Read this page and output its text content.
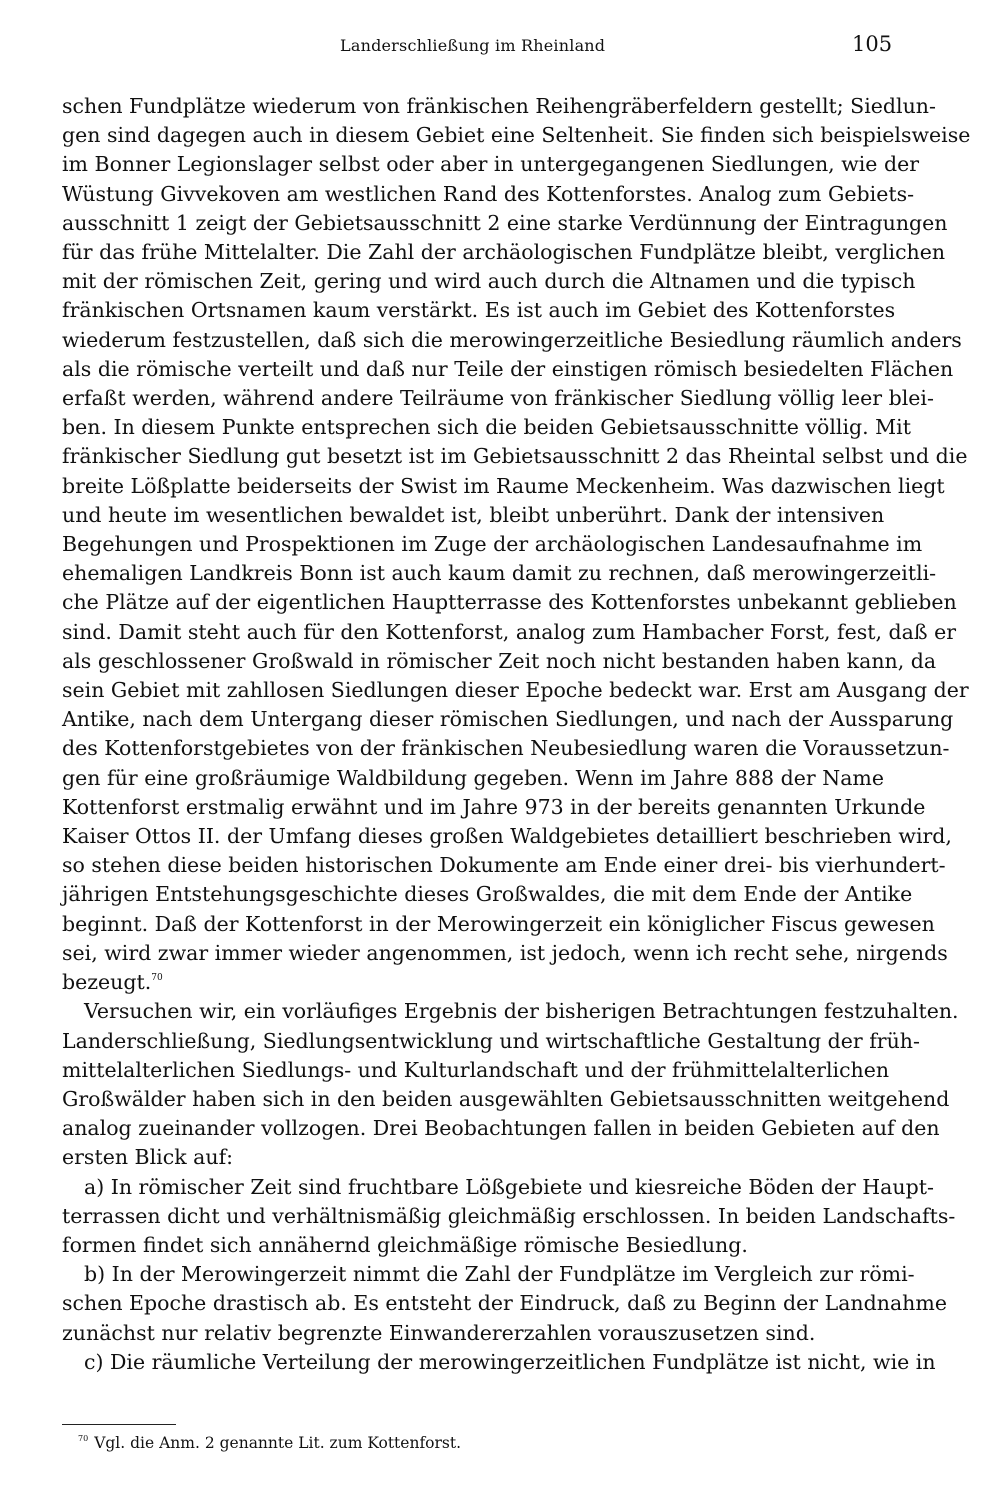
Landerschließung im Rheinland	105
schen Fundplätze wiederum von fränkischen Reihengräberfeldern gestellt; Siedlun-
gen sind dagegen auch in diesem Gebiet eine Seltenheit. Sie finden sich beispielsweise
im Bonner Legionslager selbst oder aber in untergegangenen Siedlungen, wie der
Wüstung Givvekoven am westlichen Rand des Kottenforstes. Analog zum Gebiets-
ausschnitt 1 zeigt der Gebietsausschnitt 2 eine starke Verdünnung der Eintragungen
für das frühe Mittelalter. Die Zahl der archäologischen Fundplätze bleibt, verglichen
mit der römischen Zeit, gering und wird auch durch die Altnamen und die typisch
fränkischen Ortsnamen kaum verstärkt. Es ist auch im Gebiet des Kottenforstes
wiederum festzustellen, daß sich die merowingerzeitliche Besiedlung räumlich anders
als die römische verteilt und daß nur Teile der einstigen römisch besiedelten Flächen
erfaßt werden, während andere Teilräume von fränkischer Siedlung völlig leer blei-
ben. In diesem Punkte entsprechen sich die beiden Gebietsausschnitte völlig. Mit
fränkischer Siedlung gut besetzt ist im Gebietsausschnitt 2 das Rheintal selbst und die
breite Lößplatte beiderseits der Swist im Raume Meckenheim. Was dazwischen liegt
und heute im wesentlichen bewaldet ist, bleibt unberührt. Dank der intensiven
Begehungen und Prospektionen im Zuge der archäologischen Landesaufnahme im
ehemaligen Landkreis Bonn ist auch kaum damit zu rechnen, daß merowingerzeitli-
che Plätze auf der eigentlichen Hauptterrasse des Kottenforstes unbekannt geblieben
sind. Damit steht auch für den Kottenforst, analog zum Hambacher Forst, fest, daß er
als geschlossener Großwald in römischer Zeit noch nicht bestanden haben kann, da
sein Gebiet mit zahllosen Siedlungen dieser Epoche bedeckt war. Erst am Ausgang der
Antike, nach dem Untergang dieser römischen Siedlungen, und nach der Aussparung
des Kottenforstgebietes von der fränkischen Neubesiedlung waren die Voraussetzun-
gen für eine großräumige Waldbildung gegeben. Wenn im Jahre 888 der Name
Kottenforst erstmalig erwähnt und im Jahre 973 in der bereits genannten Urkunde
Kaiser Ottos II. der Umfang dieses großen Waldgebietes detailliert beschrieben wird,
so stehen diese beiden historischen Dokumente am Ende einer drei- bis vierhundert-
jährigen Entstehungsgeschichte dieses Großwaldes, die mit dem Ende der Antike
beginnt. Daß der Kottenforst in der Merowingerzeit ein königlicher Fiscus gewesen
sei, wird zwar immer wieder angenommen, ist jedoch, wenn ich recht sehe, nirgends
bezeugt.$^{70}$
Versuchen wir, ein vorläufiges Ergebnis der bisherigen Betrachtungen festzuhalten.
Landerschließung, Siedlungsentwicklung und wirtschaftliche Gestaltung der früh-
mittelalterlichen Siedlungs- und Kulturlandschaft und der frühmittelalterlichen
Großwälder haben sich in den beiden ausgewählten Gebietsausschnitten weitgehend
analog zueinander vollzogen. Drei Beobachtungen fallen in beiden Gebieten auf den
ersten Blick auf:
a) In römischer Zeit sind fruchtbare Lößgebiete und kiesreiche Böden der Haupt-
terrassen dicht und verhältnismäßig gleichmäßig erschlossen. In beiden Landschafts-
formen findet sich annähernd gleichmäßige römische Besiedlung.
b) In der Merowingerzeit nimmt die Zahl der Fundplätze im Vergleich zur römi-
schen Epoche drastisch ab. Es entsteht der Eindruck, daß zu Beginn der Landnahme
zunächst nur relativ begrenzte Einwandererzahlen vorauszusetzen sind.
c) Die räumliche Verteilung der merowingerzeitlichen Fundplätze ist nicht, wie in
$^{70}$ Vgl. die Anm. 2 genannte Lit. zum Kottenforst.
